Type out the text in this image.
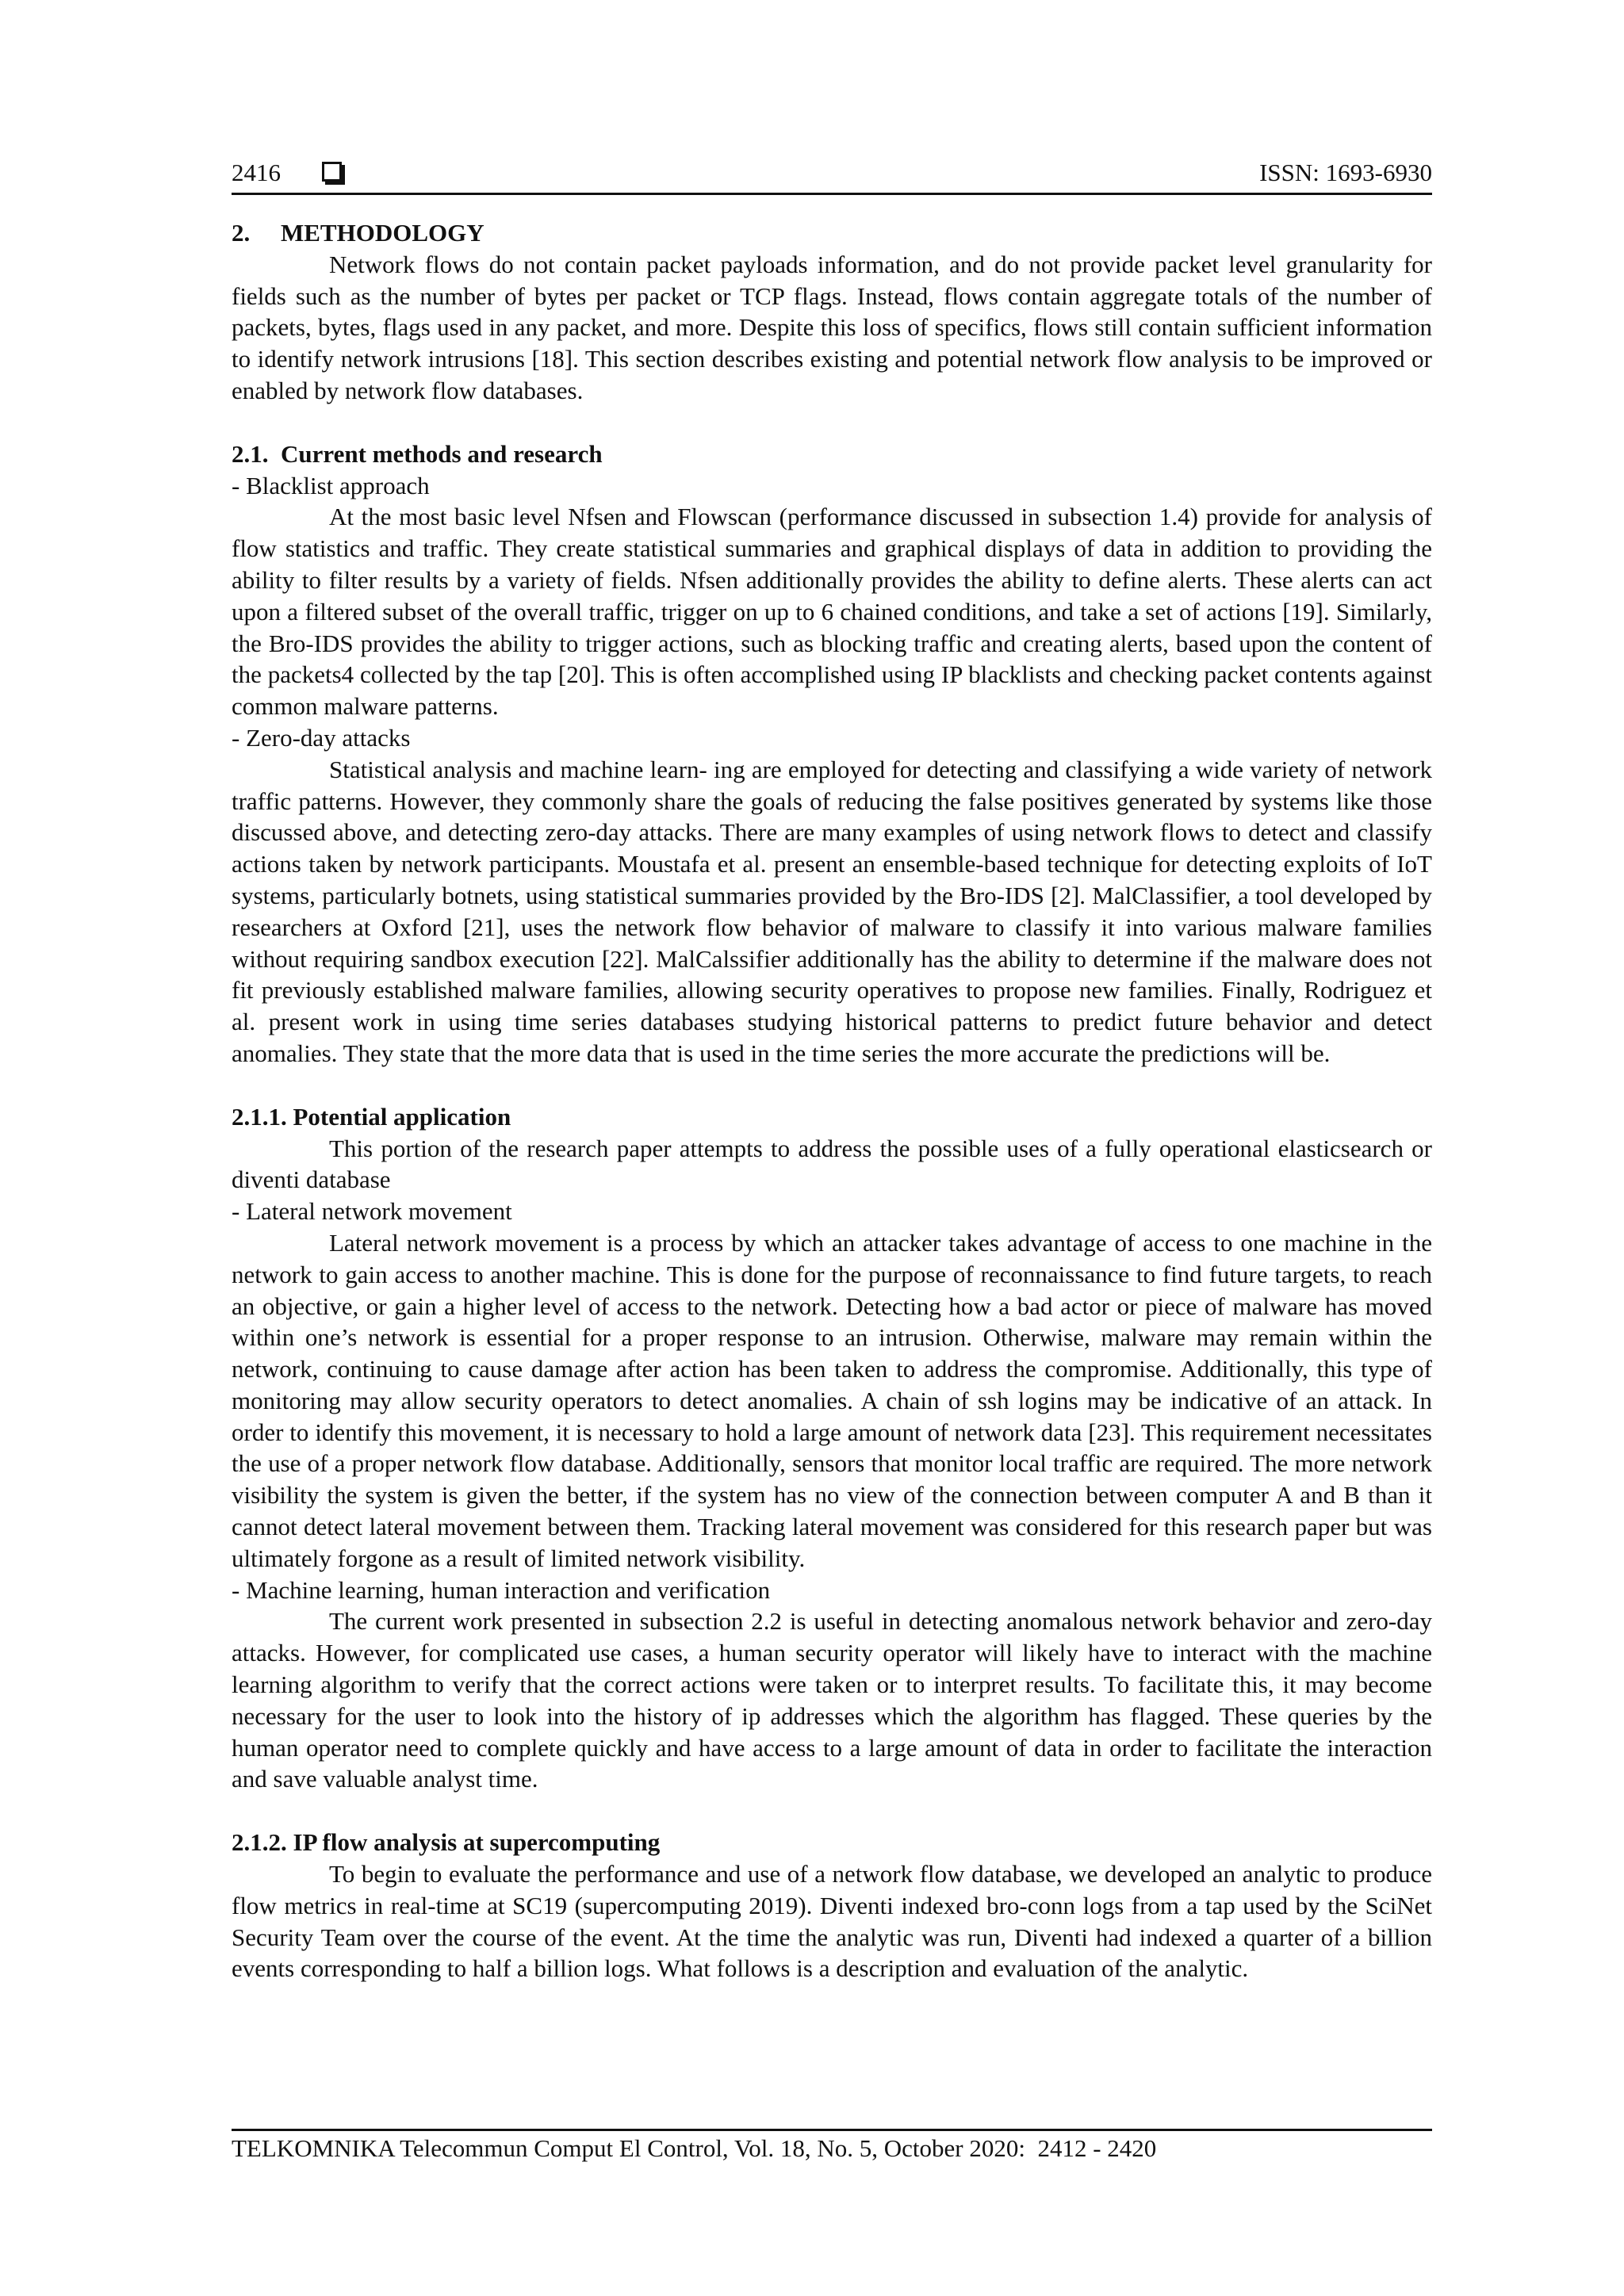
2416	ISSN: 1693-6930
2.     METHODOLOGY

Network flows do not contain packet payloads information, and do not provide packet level granularity for fields such as the number of bytes per packet or TCP flags. Instead, flows contain aggregate totals of the number of packets, bytes, flags used in any packet, and more. Despite this loss of specifics, flows still contain sufficient information to identify network intrusions [18]. This section describes existing and potential network flow analysis to be improved or enabled by network flow databases.

2.1.  Current methods and research
- Blacklist approach

At the most basic level Nfsen and Flowscan (performance discussed in subsection 1.4) provide for analysis of flow statistics and traffic. They create statistical summaries and graphical displays of data in addition to providing the ability to filter results by a variety of fields. Nfsen additionally provides the ability to define alerts. These alerts can act upon a filtered subset of the overall traffic, trigger on up to 6 chained conditions, and take a set of actions [19]. Similarly, the Bro-IDS provides the ability to trigger actions, such as blocking traffic and creating alerts, based upon the content of the packets4 collected by the tap [20]. This is often accomplished using IP blacklists and checking packet contents against common malware patterns.

- Zero-day attacks

Statistical analysis and machine learn- ing are employed for detecting and classifying a wide variety of network traffic patterns. However, they commonly share the goals of reducing the false positives generated by systems like those discussed above, and detecting zero-day attacks. There are many examples of using network flows to detect and classify actions taken by network participants. Moustafa et al. present an ensemble-based technique for detecting exploits of IoT systems, particularly botnets, using statistical summaries provided by the Bro-IDS [2]. MalClassifier, a tool developed by researchers at Oxford [21], uses the network flow behavior of malware to classify it into various malware families without requiring sandbox execution [22]. MalCalssifier additionally has the ability to determine if the malware does not fit previously established malware families, allowing security operatives to propose new families. Finally, Rodriguez et al. present work in using time series databases studying historical patterns to predict future behavior and detect anomalies. They state that the more data that is used in the time series the more accurate the predictions will be.

2.1.1. Potential application

This portion of the research paper attempts to address the possible uses of a fully operational elasticsearch or diventi database

- Lateral network movement

Lateral network movement is a process by which an attacker takes advantage of access to one machine in the network to gain access to another machine. This is done for the purpose of reconnaissance to find future targets, to reach an objective, or gain a higher level of access to the network. Detecting how a bad actor or piece of malware has moved within one’s network is essential for a proper response to an intrusion. Otherwise, malware may remain within the network, continuing to cause damage after action has been taken to address the compromise. Additionally, this type of monitoring may allow security operators to detect anomalies. A chain of ssh logins may be indicative of an attack. In order to identify this movement, it is necessary to hold a large amount of network data [23]. This requirement necessitates the use of a proper network flow database. Additionally, sensors that monitor local traffic are required. The more network visibility the system is given the better, if the system has no view of the connection between computer A and B than it cannot detect lateral movement between them. Tracking lateral movement was considered for this research paper but was ultimately forgone as a result of limited network visibility.

- Machine learning, human interaction and verification

The current work presented in subsection 2.2 is useful in detecting anomalous network behavior and zero-day attacks. However, for complicated use cases, a human security operator will likely have to interact with the machine learning algorithm to verify that the correct actions were taken or to interpret results. To facilitate this, it may become necessary for the user to look into the history of ip addresses which the algorithm has flagged. These queries by the human operator need to complete quickly and have access to a large amount of data in order to facilitate the interaction and save valuable analyst time.

2.1.2. IP flow analysis at supercomputing

To begin to evaluate the performance and use of a network flow database, we developed an analytic to produce flow metrics in real-time at SC19 (supercomputing 2019). Diventi indexed bro-conn logs from a tap used by the SciNet Security Team over the course of the event. At the time the analytic was run, Diventi had indexed a quarter of a billion events corresponding to half a billion logs. What follows is a description and evaluation of the analytic.

TELKOMNIKA Telecommun Comput El Control, Vol. 18, No. 5, October 2020:  2412 - 2420
